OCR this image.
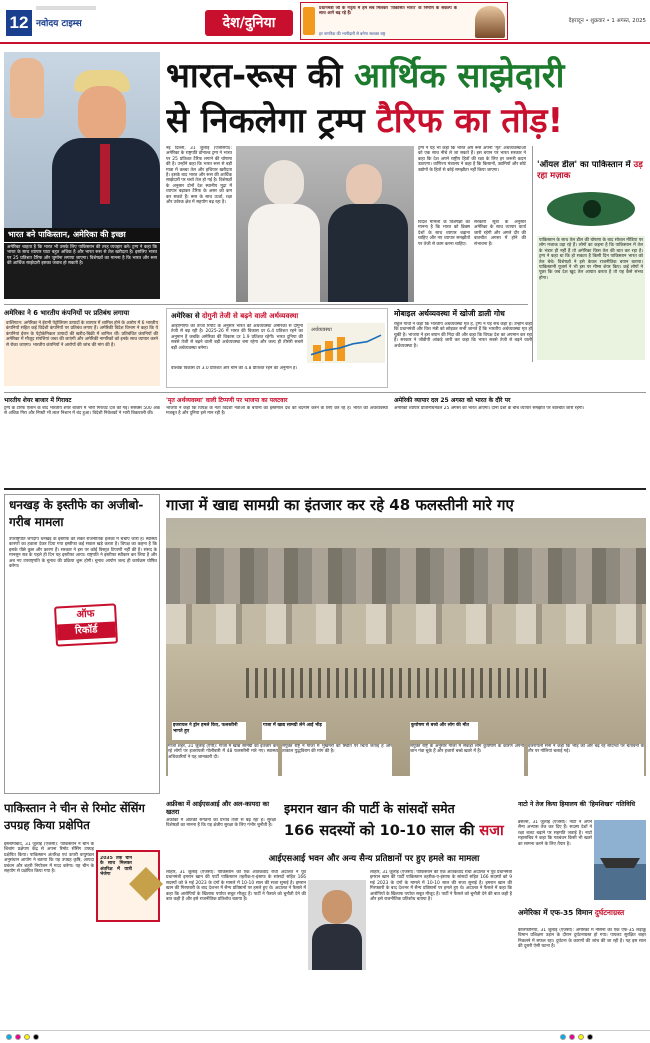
12 नवोदय टाइम्स	देश/दुनिया
प्रधानमंत्री जी के नेतृत्व में हम सब मिलकर 'विकसित भारत' के निर्माण के संकल्प के साथ आगे बढ़ रहे हैं।
हर नागरिक की भागीदारी से बनेगा सशक्त राष्ट्र
देहरादून • शुक्रवार • 1 अगस्त, 2025
भारत-रूस की आर्थिक साझेदारी
से निकलेगा ट्रम्प टैरिफ का तोड़!
भारत बने पाकिस्तान, अमेरिका की इच्छा
अमेरिका चाहता है कि भारत भी उसके लिए पाकिस्तान की तरह व्यवहार करे। ट्रम्प ने कहा कि भारत के साथ व्यापार घाटा बहुत अधिक है और भारत रूस से तेल खरीदता है। इसलिए भारत पर 25 प्रतिशत टैरिफ और जुर्माना लगाया जाएगा। विशेषज्ञों का मानना है कि भारत और रूस की आर्थिक साझेदारी इसका जवाब हो सकती है।
नई दिल्ली, 31 जुलाई (एजेंसियां): अमेरिका के राष्ट्रपति डोनाल्ड ट्रम्प ने भारत पर 25 प्रतिशत टैरिफ लगाने की घोषणा की है। उन्होंने कहा कि भारत रूस से बड़ी मात्रा में कच्चा तेल और हथियार खरीदता है। इसके बाद भारत और रूस की आर्थिक साझेदारी पर चर्चा तेज हो गई है। विशेषज्ञों के अनुसार दोनों देश स्थानीय मुद्रा में व्यापार बढ़ाकर टैरिफ के असर को कम कर सकते हैं। रूस के साथ ऊर्जा, रक्षा और उर्वरक क्षेत्र में सहयोग बढ़ रहा है।
ट्रम्प ने यह भी कहा कि भारत और रूस अपनी 'मृत' अर्थव्यवस्थाओं को एक साथ नीचे ले जा सकते हैं। इस बयान पर भारत सरकार ने कहा कि देश अपने राष्ट्रीय हितों की रक्षा के लिए हर जरूरी कदम उठाएगा। वाणिज्य मंत्रालय ने कहा है कि किसानों, उद्यमियों और छोटे उद्योगों के हितों से कोई समझौता नहीं किया जाएगा।
विदेश मामलों के विशेषज्ञों का मानना है कि भारत को ब्रिक्स देशों के साथ व्यापार बढ़ाना चाहिए और नए व्यापार समझौतों पर तेजी से काम करना चाहिए।
सरकारी सूत्रों के अनुसार अमेरिका के साथ व्यापार वार्ता जारी रहेगी और अगले दौर की बातचीत अगस्त में होने की संभावना है।
'ऑयल डील' का पाकिस्तान में उड़ रहा मज़ाक
पाकिस्तान के साथ तेल डील की घोषणा के बाद सोशल मीडिया पर लोग मजाक उड़ा रहे हैं। लोगों का कहना है कि पाकिस्तान में तेल के भंडार ही नहीं हैं तो अमेरिका किस तेल की बात कर रहा है। ट्रम्प ने कहा था कि हो सकता है किसी दिन पाकिस्तान भारत को तेल बेचे। विशेषज्ञों ने इसे केवल राजनीतिक बयान बताया। पाकिस्तानी यूजर्स ने भी इस पर मीम्स शेयर किए। कई लोगों ने पूछा कि जब देश खुद तेल आयात करता है तो यह कैसे संभव होगा।
अमेरिका ने 6 भारतीय कंपनियों पर प्रतिबंध लगाया
वाशिंगटन: अमेरिका ने ईरानी पेट्रोलियम उत्पादों के व्यापार में शामिल होने के आरोप में 6 भारतीय कंपनियों सहित कई विदेशी कंपनियों पर प्रतिबंध लगाए हैं। अमेरिकी विदेश विभाग ने कहा कि ये कंपनियां ईरान के पेट्रोकेमिकल उत्पादों की खरीद-बिक्री में शामिल थीं। प्रतिबंधित कंपनियों की अमेरिका में मौजूद संपत्तियां जब्त की जाएंगी और अमेरिकी नागरिकों को इनके साथ व्यापार करने से रोका जाएगा। भारतीय कंपनियों ने आरोपों की जांच की मांग की है।
अमेरिका से दोगुनी तेजी से बढ़ने वाली अर्थव्यवस्था
आईएमएफ की ताजा रिपोर्ट के अनुसार भारत की अर्थव्यवस्था अमेरिका से दोगुनी तेजी से बढ़ रही है। 2025-26 में भारत की विकास दर 6.4 प्रतिशत रहने का अनुमान है जबकि अमेरिका की विकास दर 1.9 प्रतिशत रहेगी। भारत दुनिया की सबसे तेजी से बढ़ने वाली बड़ी अर्थव्यवस्था बना रहेगा और जल्द ही तीसरी सबसे बड़ी अर्थव्यवस्था बनेगा।
अर्थव्यवस्था
वैश्विक विकास दर 3.0 प्रतिशत और चीन की 4.8 प्रतिशत रहने का अनुमान है।
मोबाइल अर्थव्यवस्था में खोजी डाली गोध
राहुल गांधी ने कहा कि भारतीय अर्थव्यवस्था मृत है, ट्रम्प ने यह सच कहा है। उन्होंने कहा कि प्रधानमंत्री और वित्त मंत्री को छोड़कर सभी जानते हैं कि भारतीय अर्थव्यवस्था मृत हो चुकी है। भाजपा ने इस बयान की निंदा की और कहा कि विपक्ष देश का अपमान कर रहा है। सरकार ने जीडीपी आंकड़े जारी कर कहा कि भारत सबसे तेजी से बढ़ने वाली अर्थव्यवस्था है।
भारतीय शेयर बाजार में गिरावट
ट्रम्प के टैरिफ ऐलान के बाद भारतीय शेयर बाजार में भारी गिरावट दर्ज की गई। सेंसेक्स 500 अंक से अधिक गिरा और निफ्टी भी लाल निशान में बंद हुआ। विदेशी निवेशकों ने भारी बिकवाली की।
'मृत अर्थव्यवस्था' वाली टिप्पणी पर भाजपा का पलटवार
भाजपा ने कहा कि विपक्ष के नेता विदेशी नेताओं के बयानों का इस्तेमाल देश को बदनाम करने के लिए कर रहे हैं। भारत की अर्थव्यवस्था मजबूत है और दुनिया इसे मान रही है।
अमेरिकी व्यापार दल 25 अगस्त को भारत के दौरे पर
अमेरिकी व्यापार प्रतिनिधिमंडल 25 अगस्त को भारत आएगा। दोनों देशों के बीच व्यापार समझौते पर बातचीत जारी रहेगी।
धनखड़ के इस्तीफे का अजीबो-गरीब मामला
उपराष्ट्रपति जगदीप धनखड़ के इस्तीफे को लेकर राजनीतिक हलकों में चर्चाएं जारी हैं। स्वास्थ्य कारणों का हवाला देकर दिया गया इस्तीफा कई सवाल खड़े करता है। विपक्ष का कहना है कि इसके पीछे कुछ और कारण हैं। सरकार ने इस पर कोई विस्तृत टिप्पणी नहीं की है। संसद के मानसून सत्र के पहले ही दिन यह इस्तीफा आया। राष्ट्रपति ने इस्तीफा स्वीकार कर लिया है और अब नए उपराष्ट्रपति के चुनाव की प्रक्रिया शुरू होगी। चुनाव आयोग जल्द ही कार्यक्रम घोषित करेगा।
ऑफ
रिकॉर्ड
गाजा में खाद्य सामग्री का इंतजार कर रहे 48 फलस्तीनी मारे गए
इजरायल ने ड्रोन हमले किए, फलस्तीनी भागते हुए
गाजा में खाद्य सामग्री लेने आई भीड़	कुपोषण से बच्चे और लोग की मौत
गाजा शहर, 31 जुलाई (एपी): गाजा में खाद्य सामग्री का इंतजार कर रहे लोगों पर इजरायली गोलीबारी में 48 फलस्तीनी मारे गए। स्वास्थ्य अधिकारियों ने यह जानकारी दी।
संयुक्त राष्ट्र ने गाजा में भुखमरी की स्थिति पर चिंता जताई है और तत्काल युद्धविराम की मांग की है।
संयुक्त राष्ट्र के अनुसार गाजा में सैकड़ों लोग कुपोषण के कारण अपनी जान गंवा चुके हैं और हजारों बच्चे खतरे में हैं।
इजरायली सेना ने कहा कि भीड़ की ओर बढ़ रहे संदिग्धों पर चेतावनी के तौर पर गोलियां चलाई गईं।
पाकिस्तान ने चीन से रिमोट सेंसिंग उपग्रह किया प्रक्षेपित
इस्लामाबाद, 31 जुलाई (एजेंसी): पाकिस्तान ने चीन के शिचांग प्रक्षेपण केंद्र से अपना रिमोट सेंसिंग उपग्रह प्रक्षेपित किया। पाकिस्तान अंतरिक्ष एवं ऊपरी वायुमंडल अनुसंधान आयोग ने बताया कि यह उपग्रह कृषि, आपदा प्रबंधन और शहरी नियोजन में मदद करेगा। यह चीन के सहयोग से प्रक्षेपित किया गया है।
2035 तक चीन के साथ मिलकर अंतरिक्ष में यात्री भेजेगा
अफ्रीका में आईएसआई और अल-कायदा का खतरा
अफ्रीका में आतंकी संगठनों का प्रभाव तेजी से बढ़ रहा है। सुरक्षा विशेषज्ञों का मानना है कि यह क्षेत्रीय सुरक्षा के लिए गंभीर चुनौती है।
इमरान खान की पार्टी के सांसदों समेत
166 सदस्यों को 10-10 साल की सजा
आईएसआई भवन और अन्य सैन्य प्रतिष्ठानों पर हुए हमले का मामला
लाहौर, 31 जुलाई (एजेंसी): पाकिस्तान की एक आतंकवाद रोधी अदालत ने पूर्व प्रधानमंत्री इमरान खान की पार्टी पाकिस्तान तहरीक-ए-इंसाफ के सांसदों सहित 166 सदस्यों को 9 मई 2023 के दंगों के मामले में 10-10 साल की सजा सुनाई है। इमरान खान की गिरफ्तारी के बाद देशभर में सैन्य प्रतिष्ठानों पर हमले हुए थे। अदालत ने फैसले में कहा कि आरोपियों के खिलाफ पर्याप्त सबूत मौजूद हैं। पार्टी ने फैसले को चुनौती देने की बात कही है और इसे राजनीतिक प्रतिशोध बताया है।
लाहौर, 31 जुलाई (एजेंसी): पाकिस्तान की एक आतंकवाद रोधी अदालत ने पूर्व प्रधानमंत्री इमरान खान की पार्टी पाकिस्तान तहरीक-ए-इंसाफ के सांसदों सहित 166 सदस्यों को 9 मई 2023 के दंगों के मामले में 10-10 साल की सजा सुनाई है। इमरान खान की गिरफ्तारी के बाद देशभर में सैन्य प्रतिष्ठानों पर हमले हुए थे। अदालत ने फैसले में कहा कि आरोपियों के खिलाफ पर्याप्त सबूत मौजूद हैं। पार्टी ने फैसले को चुनौती देने की बात कही है और इसे राजनीतिक प्रतिशोध बताया है।
नाटो ने तेज किया हिमालय की 'हिमशिखर' गतिविधि
ब्रसेल्स, 31 जुलाई (एजेंसी): नाटो ने अपने सैन्य अभ्यास तेज कर दिए हैं। सदस्य देशों ने रक्षा बजट बढ़ाने पर सहमति जताई है। नाटो महासचिव ने कहा कि गठबंधन किसी भी खतरे का सामना करने के लिए तैयार है।
अमेरिका में एफ-35 विमान दुर्घटनाग्रस्त
कैलिफोर्निया, 31 जुलाई (एजेंसी): अमेरिका में नौसेना का एक एफ-35 लड़ाकू विमान प्रशिक्षण उड़ान के दौरान दुर्घटनाग्रस्त हो गया। पायलट सुरक्षित बाहर निकलने में सफल रहा। दुर्घटना के कारणों की जांच की जा रही है। यह इस साल की दूसरी ऐसी घटना है।
